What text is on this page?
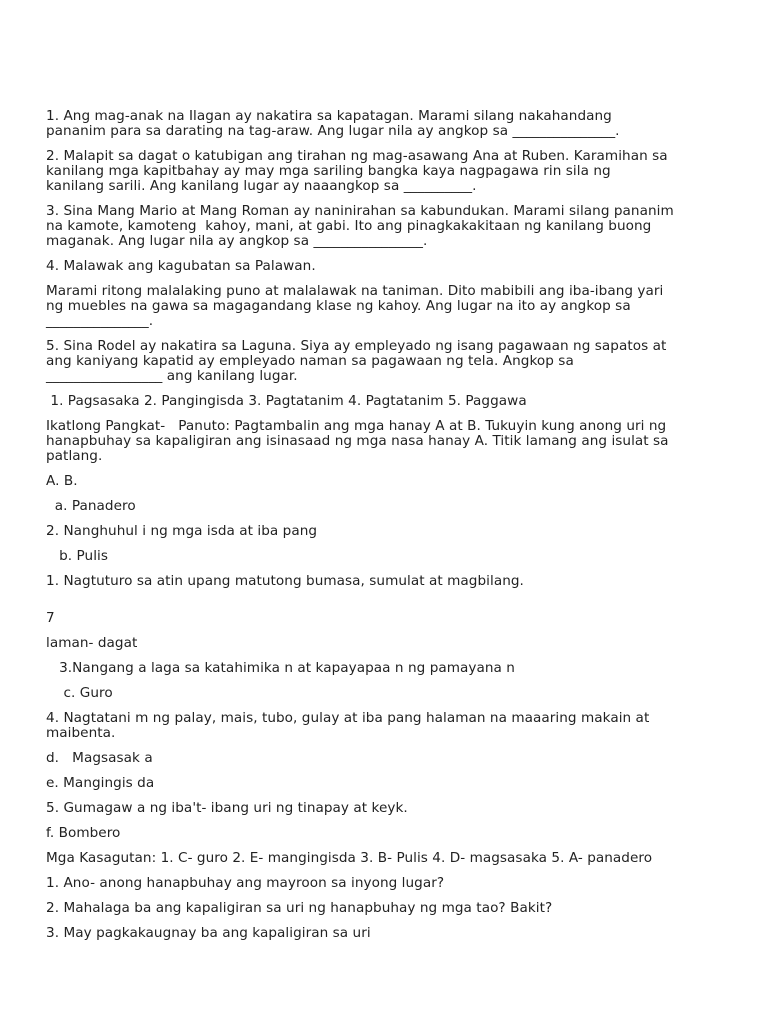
1. Ang mag-anak na Ilagan ay nakatira sa kapatagan. Marami silang nakahandang
pananim para sa darating na tag-araw. Ang lugar nila ay angkop sa _______________.
2. Malapit sa dagat o katubigan ang tirahan ng mag-asawang Ana at Ruben. Karamihan sa
kanilang mga kapitbahay ay may mga sariling bangka kaya nagpagawa rin sila ng
kanilang sarili. Ang kanilang lugar ay naaangkop sa __________.
3. Sina Mang Mario at Mang Roman ay naninirahan sa kabundukan. Marami silang pananim
na kamote, kamoteng  kahoy, mani, at gabi. Ito ang pinagkakakitaan ng kanilang buong
maganak. Ang lugar nila ay angkop sa ________________.
4. Malawak ang kagubatan sa Palawan.
Marami ritong malalaking puno at malalawak na taniman. Dito mabibili ang iba-ibang yari
ng muebles na gawa sa magagandang klase ng kahoy. Ang lugar na ito ay angkop sa
_______________.
5. Sina Rodel ay nakatira sa Laguna. Siya ay empleyado ng isang pagawaan ng sapatos at
ang kaniyang kapatid ay empleyado naman sa pagawaan ng tela. Angkop sa
_________________ ang kanilang lugar.
1. Pagsasaka 2. Pangingisda 3. Pagtatanim 4. Pagtatanim 5. Paggawa
Ikatlong Pangkat-   Panuto: Pagtambalin ang mga hanay A at B. Tukuyin kung anong uri ng
hanapbuhay sa kapaligiran ang isinasaad ng mga nasa hanay A. Titik lamang ang isulat sa
patlang.
A. B.
a. Panadero
2. Nanghuhul i ng mga isda at iba pang
b. Pulis
1. Nagtuturo sa atin upang matutong bumasa, sumulat at magbilang.
7
laman- dagat
3.Nangang a laga sa katahimika n at kapayapaa n ng pamayana n
c. Guro
4. Nagtatani m ng palay, mais, tubo, gulay at iba pang halaman na maaaring makain at
maibenta.
d.   Magsasak a
e. Mangingis da
5. Gumagaw a ng iba't- ibang uri ng tinapay at keyk.
f. Bombero
Mga Kasagutan: 1. C- guro 2. E- mangingisda 3. B- Pulis 4. D- magsasaka 5. A- panadero
1. Ano- anong hanapbuhay ang mayroon sa inyong lugar?
2. Mahalaga ba ang kapaligiran sa uri ng hanapbuhay ng mga tao? Bakit?
3. May pagkakaugnay ba ang kapaligiran sa uri
